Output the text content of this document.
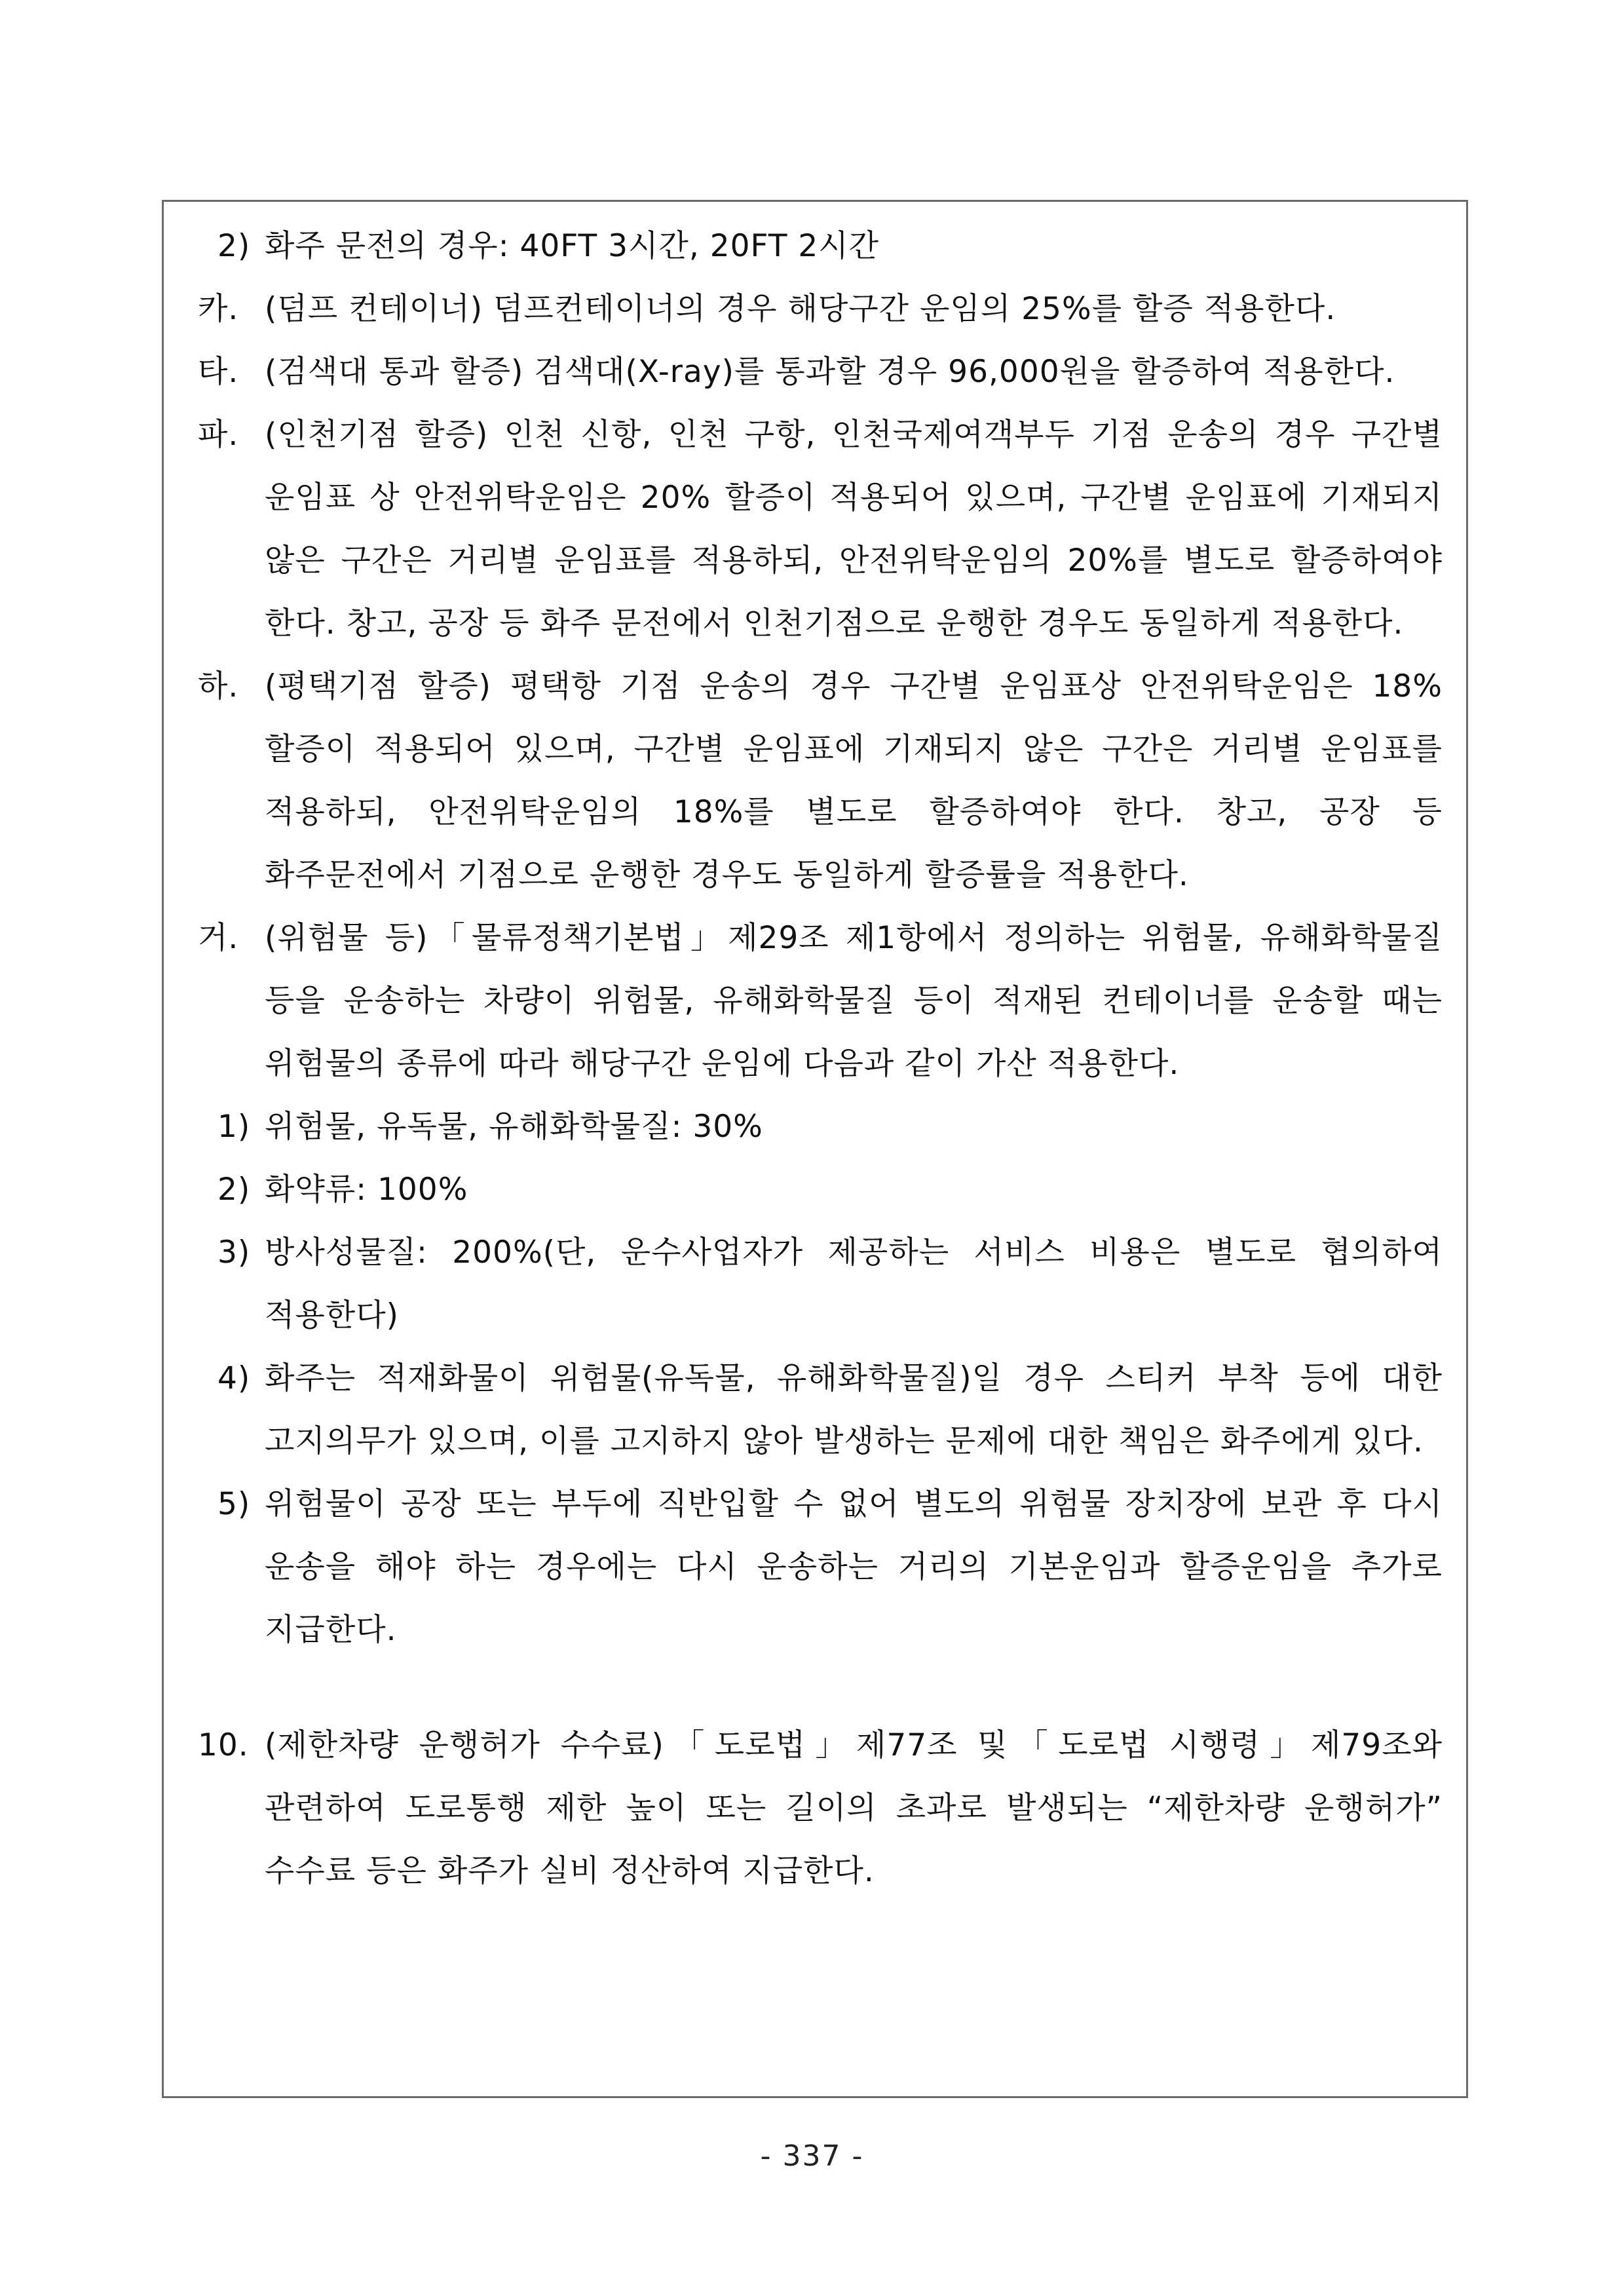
2) 화주 문전의 경우: 40FT 3시간, 20FT 2시간
카. (덤프 컨테이너) 덤프컨테이너의 경우 해당구간 운임의 25%를 할증 적용한다.
타. (검색대 통과 할증) 검색대(X-ray)를 통과할 경우 96,000원을 할증하여 적용한다.
파. (인천기점 할증) 인천 신항, 인천 구항, 인천국제여객부두 기점 운송의 경우 구간별 운임표 상 안전위탁운임은 20% 할증이 적용되어 있으며, 구간별 운임표에 기재되지 않은 구간은 거리별 운임표를 적용하되, 안전위탁운임의 20%를 별도로 할증하여야 한다. 창고, 공장 등 화주 문전에서 인천기점으로 운행한 경우도 동일하게 적용한다.
하. (평택기점 할증) 평택항 기점 운송의 경우 구간별 운임표상 안전위탁운임은 18% 할증이 적용되어 있으며, 구간별 운임표에 기재되지 않은 구간은 거리별 운임표를 적용하되, 안전위탁운임의 18%를 별도로 할증하여야 한다. 창고, 공장 등 화주문전에서 기점으로 운행한 경우도 동일하게 할증률을 적용한다.
거. (위험물 등)「물류정책기본법」제29조 제1항에서 정의하는 위험물, 유해화학물질 등을 운송하는 차량이 위험물, 유해화학물질 등이 적재된 컨테이너를 운송할 때는 위험물의 종류에 따라 해당구간 운임에 다음과 같이 가산 적용한다.
1) 위험물, 유독물, 유해화학물질: 30%
2) 화약류: 100%
3) 방사성물질: 200%(단, 운수사업자가 제공하는 서비스 비용은 별도로 협의하여 적용한다)
4) 화주는 적재화물이 위험물(유독물, 유해화학물질)일 경우 스티커 부착 등에 대한 고지의무가 있으며, 이를 고지하지 않아 발생하는 문제에 대한 책임은 화주에게 있다.
5) 위험물이 공장 또는 부두에 직반입할 수 없어 별도의 위험물 장치장에 보관 후 다시 운송을 해야 하는 경우에는 다시 운송하는 거리의 기본운임과 할증운임을 추가로 지급한다.
10. (제한차량 운행허가 수수료)「도로법」제77조 및「도로법 시행령」제79조와 관련하여 도로통행 제한 높이 또는 길이의 초과로 발생되는 “제한차량 운행허가” 수수료 등은 화주가 실비 정산하여 지급한다.
- 337 -
